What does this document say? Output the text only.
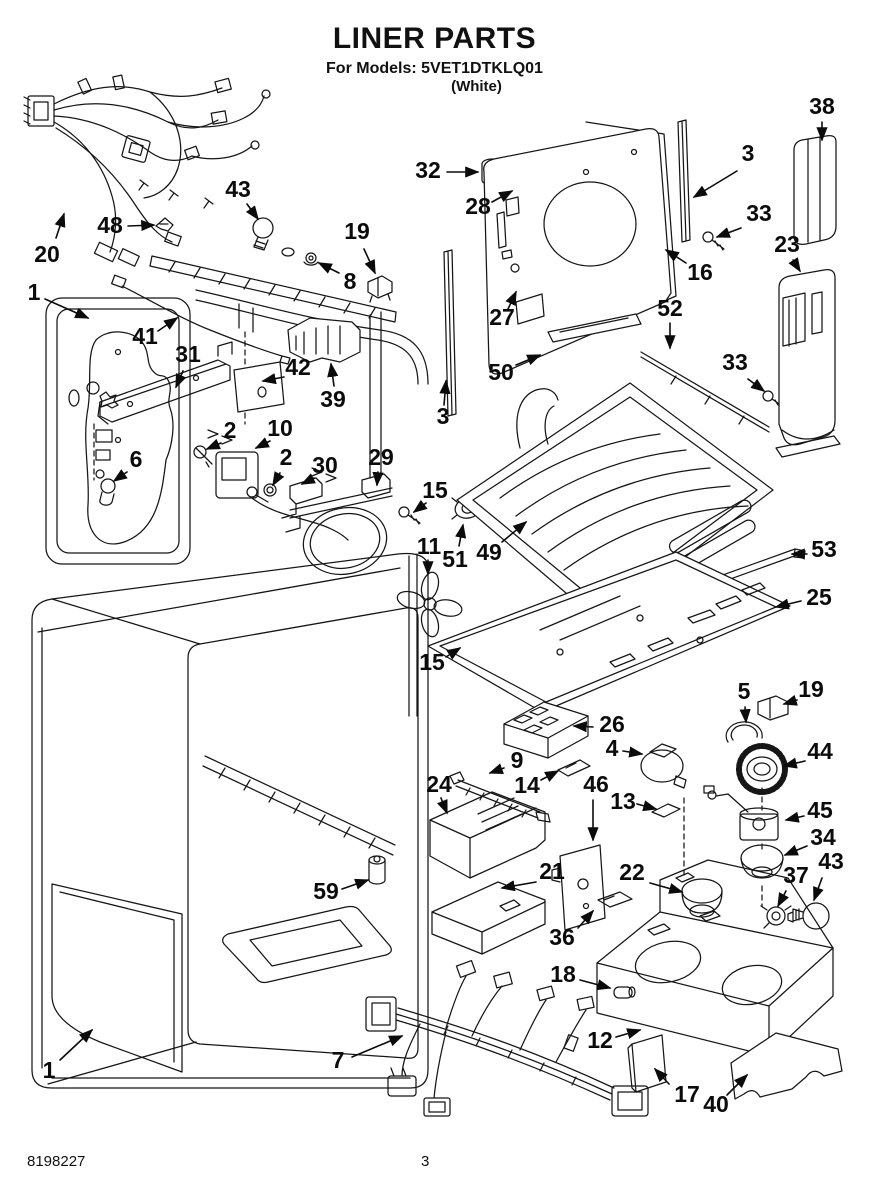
20
48
43
1
41
31	42
39
19
8
32
28
27
16
3
33
38
23
52
3
33
50
30 29
10
2
2
6
15
11 51 49
25
53
15
26
9
14 46
4
13
24
21 22
36
5 19
44
45
34
43
37
59
18
7
12
17 40
1
LINER PARTS
For Models: 5VET1DTKLQ01
(White)
8198227	3
